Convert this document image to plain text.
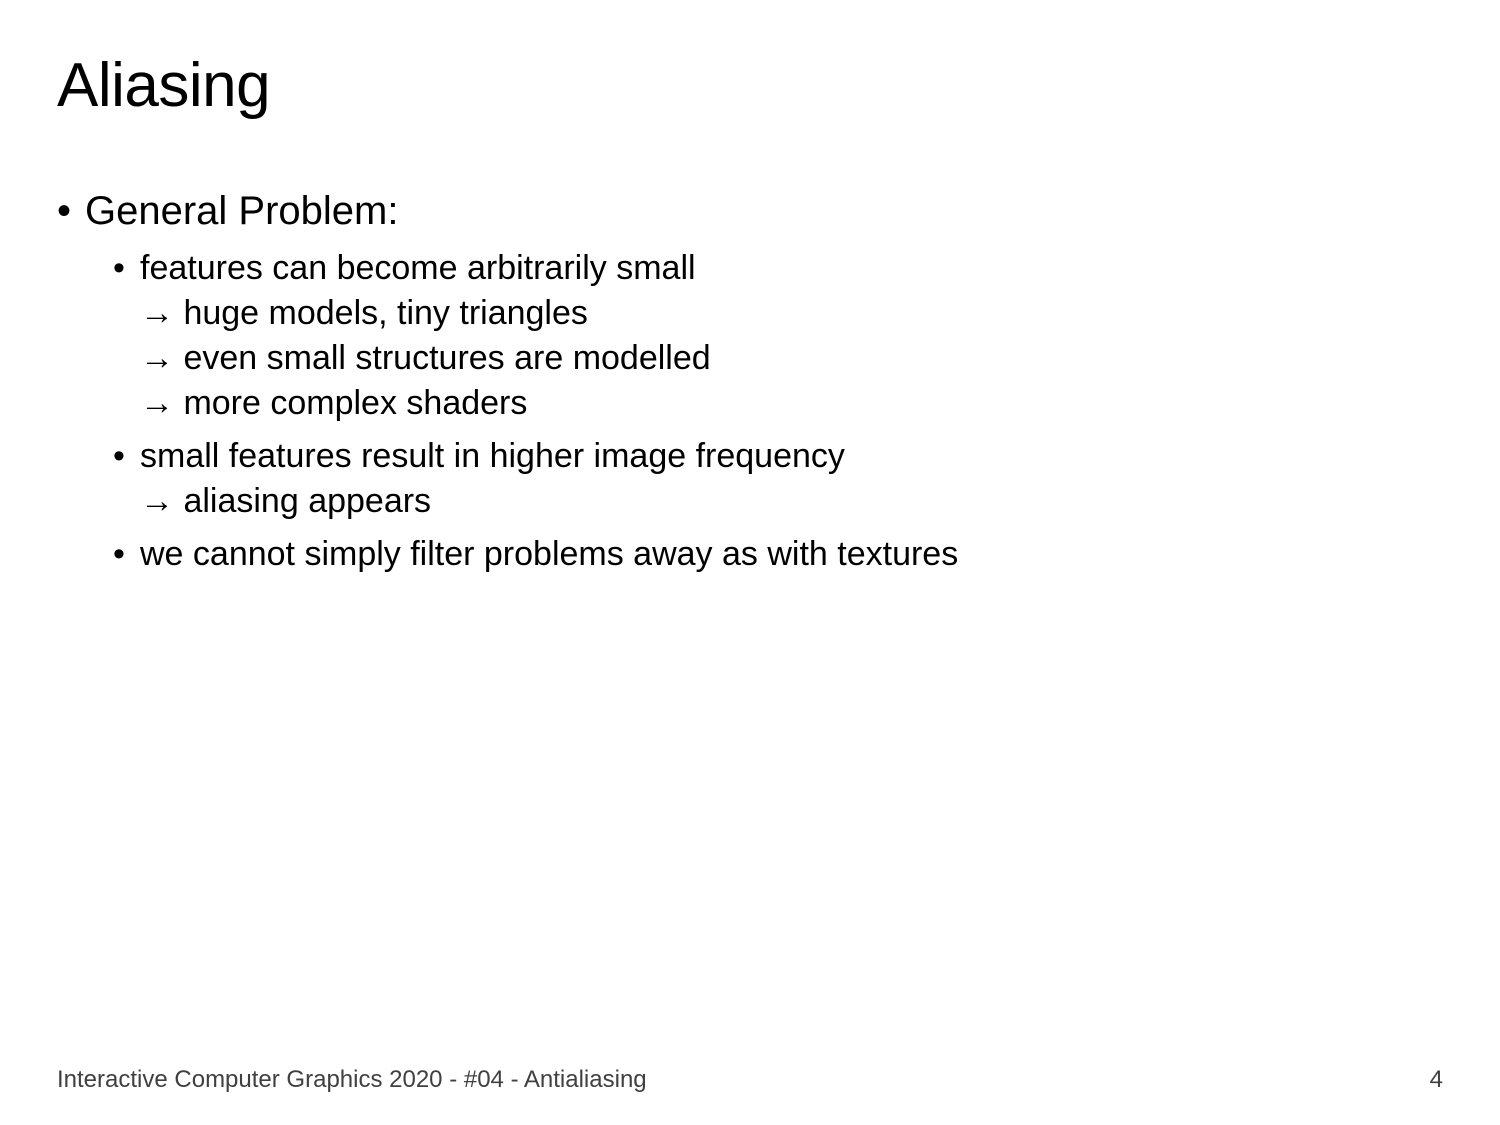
Aliasing
• General Problem:
• features can become arbitrarily small
→ huge models, tiny triangles
→ even small structures are modelled
→ more complex shaders
• small features result in higher image frequency
→ aliasing appears
• we cannot simply filter problems away as with textures
Interactive Computer Graphics 2020 - #04 - Antialiasing	4
